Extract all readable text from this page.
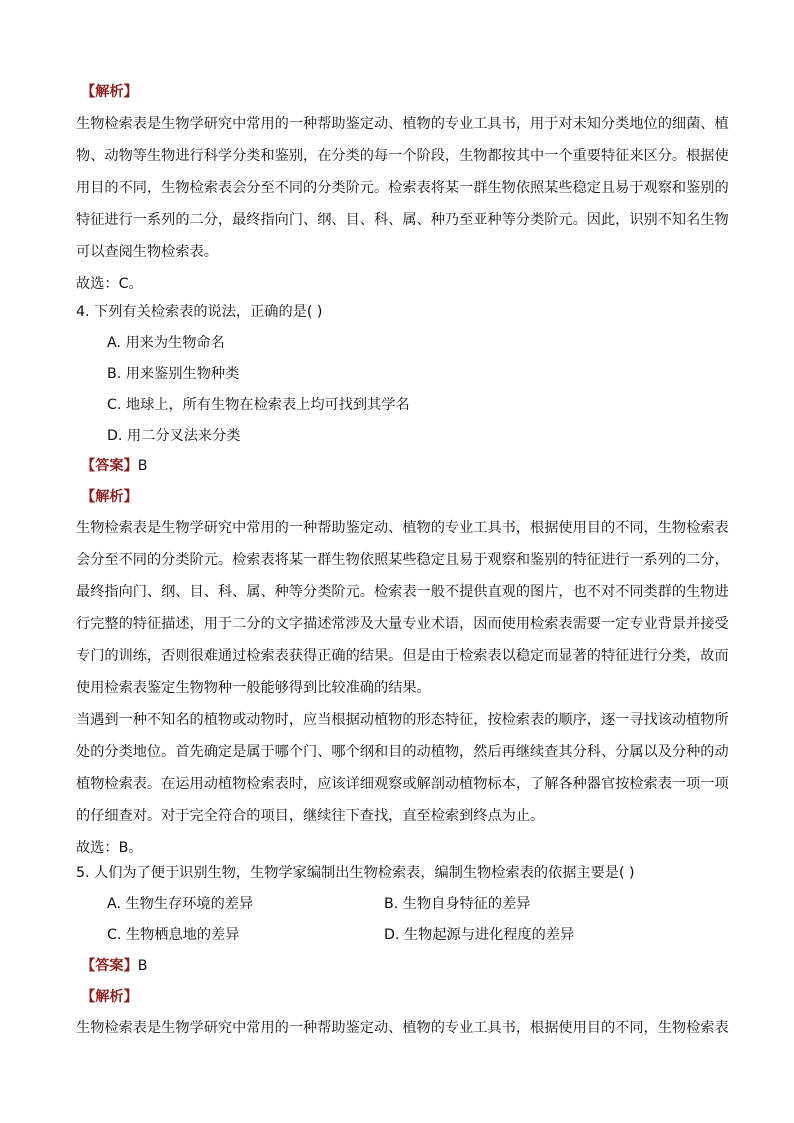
【解析】
生物检索表是生物学研究中常用的一种帮助鉴定动、植物的专业工具书，用于对未知分类地位的细菌、植
物、动物等生物进行科学分类和鉴别，在分类的每一个阶段，生物都按其中一个重要特征来区分。根据使
用目的不同，生物检索表会分至不同的分类阶元。检索表将某一群生物依照某些稳定且易于观察和鉴别的
特征进行一系列的二分，最终指向门、纲、目、科、属、种乃至亚种等分类阶元。因此，识别不知名生物
可以查阅生物检索表。
故选：C。
4. 下列有关检索表的说法，正确的是( )
A. 用来为生物命名
B. 用来鉴别生物种类
C. 地球上，所有生物在检索表上均可找到其学名
D. 用二分叉法来分类
【答案】B
【解析】
生物检索表是生物学研究中常用的一种帮助鉴定动、植物的专业工具书，根据使用目的不同，生物检索表
会分至不同的分类阶元。检索表将某一群生物依照某些稳定且易于观察和鉴别的特征进行一系列的二分，
最终指向门、纲、目、科、属、种等分类阶元。检索表一般不提供直观的图片，也不对不同类群的生物进
行完整的特征描述，用于二分的文字描述常涉及大量专业术语，因而使用检索表需要一定专业背景并接受
专门的训练，否则很难通过检索表获得正确的结果。但是由于检索表以稳定而显著的特征进行分类，故而
使用检索表鉴定生物物种一般能够得到比较准确的结果。
当遇到一种不知名的植物或动物时，应当根据动植物的形态特征，按检索表的顺序，逐一寻找该动植物所
处的分类地位。首先确定是属于哪个门、哪个纲和目的动植物，然后再继续查其分科、分属以及分种的动
植物检索表。在运用动植物检索表时，应该详细观察或解剖动植物标本，了解各种器官按检索表一项一项
的仔细查对。对于完全符合的项目，继续往下查找，直至检索到终点为止。
故选：B。
5. 人们为了便于识别生物，生物学家编制出生物检索表，编制生物检索表的依据主要是( )
A. 生物生存环境的差异	B. 生物自身特征的差异
C. 生物栖息地的差异	D. 生物起源与进化程度的差异
【答案】B
【解析】
生物检索表是生物学研究中常用的一种帮助鉴定动、植物的专业工具书，根据使用目的不同，生物检索表
